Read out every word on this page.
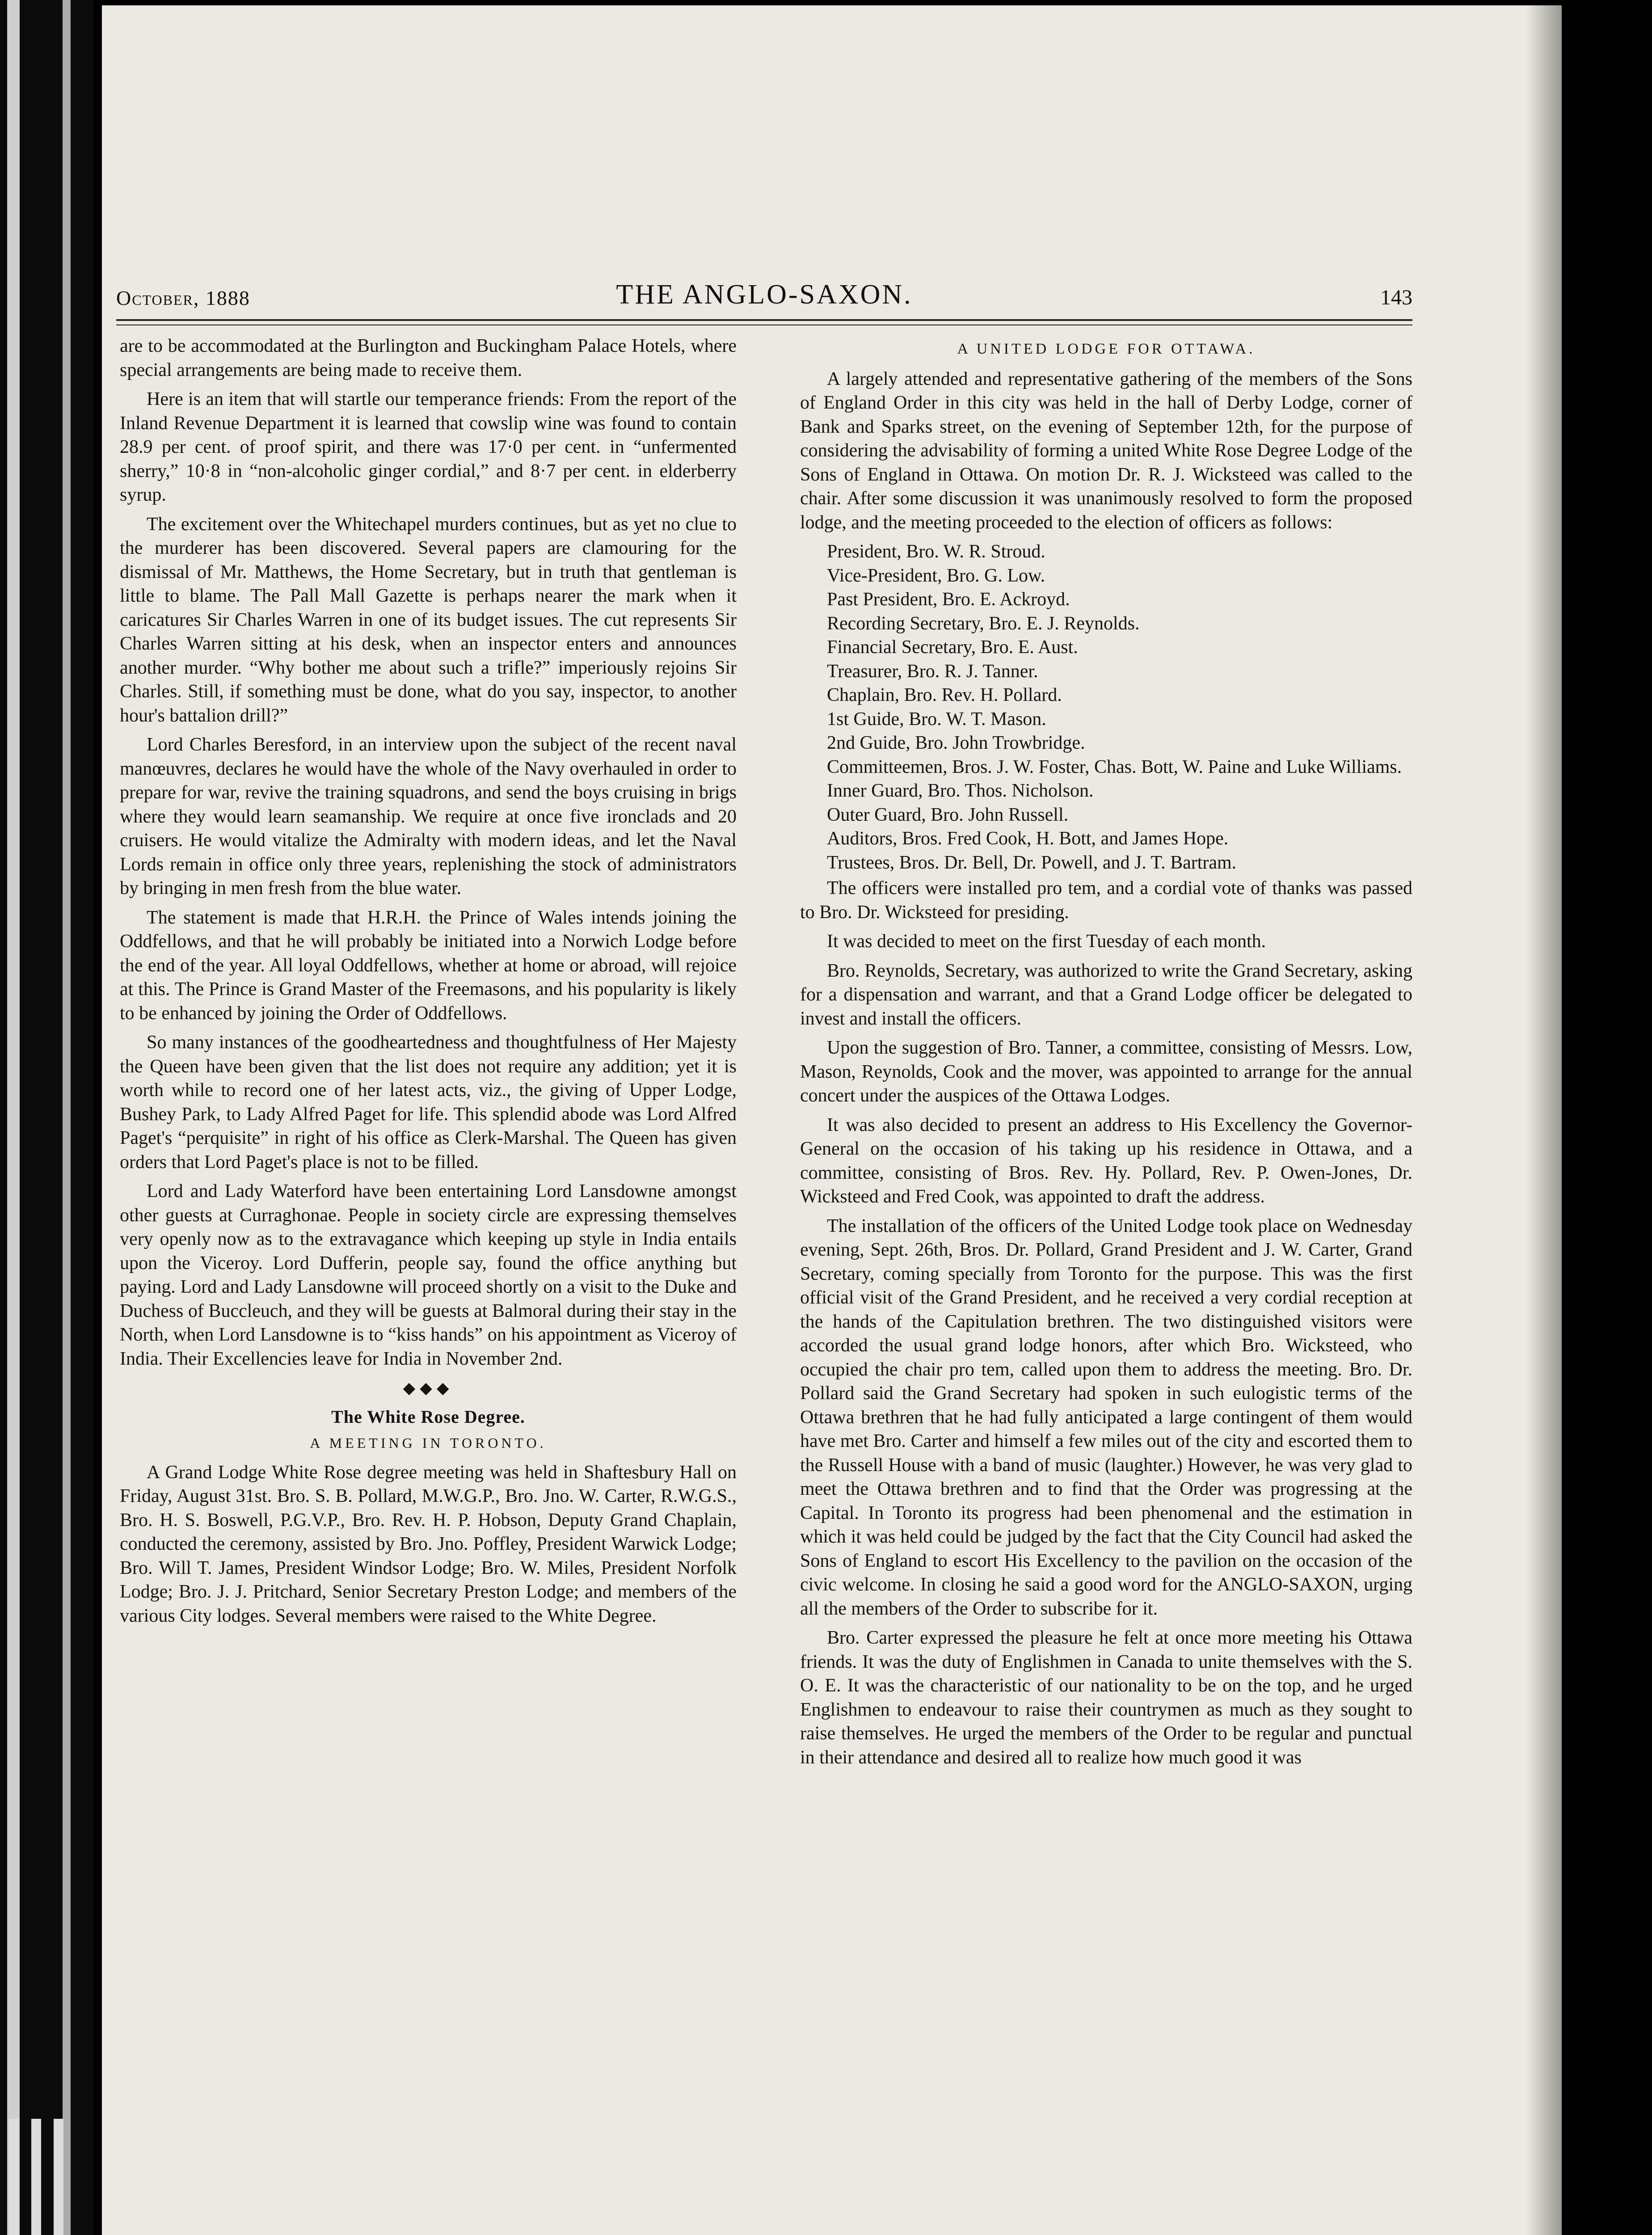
October, 1888	THE ANGLO-SAXON.	143

are to be accommodated at the Burlington and Buckingham Palace Hotels, where special arrangements are being made to receive them.

Here is an item that will startle our temperance friends: From the report of the Inland Revenue Department it is learned that cowslip wine was found to contain 28.9 per cent. of proof spirit, and there was 17·0 per cent. in “unfermented sherry,” 10·8 in “non-alcoholic ginger cordial,” and 8·7 per cent. in elderberry syrup.

The excitement over the Whitechapel murders continues, but as yet no clue to the murderer has been discovered. Several papers are clamouring for the dismissal of Mr. Matthews, the Home Secretary, but in truth that gentleman is little to blame. The Pall Mall Gazette is perhaps nearer the mark when it caricatures Sir Charles Warren in one of its budget issues. The cut represents Sir Charles Warren sitting at his desk, when an inspector enters and announces another murder. “Why bother me about such a trifle?” imperiously rejoins Sir Charles. Still, if something must be done, what do you say, inspector, to another hour's battalion drill?”

Lord Charles Beresford, in an interview upon the subject of the recent naval manœuvres, declares he would have the whole of the Navy overhauled in order to prepare for war, revive the training squadrons, and send the boys cruising in brigs where they would learn seamanship. We require at once five ironclads and 20 cruisers. He would vitalize the Admiralty with modern ideas, and let the Naval Lords remain in office only three years, replenishing the stock of administrators by bringing in men fresh from the blue water.

The statement is made that H.R.H. the Prince of Wales intends joining the Oddfellows, and that he will probably be initiated into a Norwich Lodge before the end of the year. All loyal Oddfellows, whether at home or abroad, will rejoice at this. The Prince is Grand Master of the Freemasons, and his popularity is likely to be enhanced by joining the Order of Oddfellows.

So many instances of the goodheartedness and thoughtfulness of Her Majesty the Queen have been given that the list does not require any addition; yet it is worth while to record one of her latest acts, viz., the giving of Upper Lodge, Bushey Park, to Lady Alfred Paget for life. This splendid abode was Lord Alfred Paget's “perquisite” in right of his office as Clerk-Marshal. The Queen has given orders that Lord Paget's place is not to be filled.

Lord and Lady Waterford have been entertaining Lord Lansdowne amongst other guests at Curraghonae. People in society circle are expressing themselves very openly now as to the extravagance which keeping up style in India entails upon the Viceroy. Lord Dufferin, people say, found the office anything but paying. Lord and Lady Lansdowne will proceed shortly on a visit to the Duke and Duchess of Buccleuch, and they will be guests at Balmoral during their stay in the North, when Lord Lansdowne is to “kiss hands” on his appointment as Viceroy of India. Their Excellencies leave for India in November 2nd.

◆◆◆
The White Rose Degree.
A MEETING IN TORONTO.

A Grand Lodge White Rose degree meeting was held in Shaftesbury Hall on Friday, August 31st. Bro. S. B. Pollard, M.W.G.P., Bro. Jno. W. Carter, R.W.G.S., Bro. H. S. Boswell, P.G.V.P., Bro. Rev. H. P. Hobson, Deputy Grand Chaplain, conducted the ceremony, assisted by Bro. Jno. Poffley, President Warwick Lodge; Bro. Will T. James, President Windsor Lodge; Bro. W. Miles, President Norfolk Lodge; Bro. J. J. Pritchard, Senior Secretary Preston Lodge; and members of the various City lodges. Several members were raised to the White Degree.

A UNITED LODGE FOR OTTAWA.

A largely attended and representative gathering of the members of the Sons of England Order in this city was held in the hall of Derby Lodge, corner of Bank and Sparks street, on the evening of September 12th, for the purpose of considering the advisability of forming a united White Rose Degree Lodge of the Sons of England in Ottawa. On motion Dr. R. J. Wicksteed was called to the chair. After some discussion it was unanimously resolved to form the proposed lodge, and the meeting proceeded to the election of officers as follows:

President, Bro. W. R. Stroud.

Vice-President, Bro. G. Low.

Past President, Bro. E. Ackroyd.

Recording Secretary, Bro. E. J. Reynolds.

Financial Secretary, Bro. E. Aust.

Treasurer, Bro. R. J. Tanner.

Chaplain, Bro. Rev. H. Pollard.

1st Guide, Bro. W. T. Mason.

2nd Guide, Bro. John Trowbridge.

Committeemen, Bros. J. W. Foster, Chas. Bott, W. Paine and Luke Williams.

Inner Guard, Bro. Thos. Nicholson.

Outer Guard, Bro. John Russell.

Auditors, Bros. Fred Cook, H. Bott, and James Hope.

Trustees, Bros. Dr. Bell, Dr. Powell, and J. T. Bartram.

The officers were installed pro tem, and a cordial vote of thanks was passed to Bro. Dr. Wicksteed for presiding.

It was decided to meet on the first Tuesday of each month.

Bro. Reynolds, Secretary, was authorized to write the Grand Secretary, asking for a dispensation and warrant, and that a Grand Lodge officer be delegated to invest and install the officers.

Upon the suggestion of Bro. Tanner, a committee, consisting of Messrs. Low, Mason, Reynolds, Cook and the mover, was appointed to arrange for the annual concert under the auspices of the Ottawa Lodges.

It was also decided to present an address to His Excellency the Governor-General on the occasion of his taking up his residence in Ottawa, and a committee, consisting of Bros. Rev. Hy. Pollard, Rev. P. Owen-Jones, Dr. Wicksteed and Fred Cook, was appointed to draft the address.

The installation of the officers of the United Lodge took place on Wednesday evening, Sept. 26th, Bros. Dr. Pollard, Grand President and J. W. Carter, Grand Secretary, coming specially from Toronto for the purpose. This was the first official visit of the Grand President, and he received a very cordial reception at the hands of the Capitulation brethren. The two distinguished visitors were accorded the usual grand lodge honors, after which Bro. Wicksteed, who occupied the chair pro tem, called upon them to address the meeting. Bro. Dr. Pollard said the Grand Secretary had spoken in such eulogistic terms of the Ottawa brethren that he had fully anticipated a large contingent of them would have met Bro. Carter and himself a few miles out of the city and escorted them to the Russell House with a band of music (laughter.) However, he was very glad to meet the Ottawa brethren and to find that the Order was progressing at the Capital. In Toronto its progress had been phenomenal and the estimation in which it was held could be judged by the fact that the City Council had asked the Sons of England to escort His Excellency to the pavilion on the occasion of the civic welcome. In closing he said a good word for the ANGLO-SAXON, urging all the members of the Order to subscribe for it.

Bro. Carter expressed the pleasure he felt at once more meeting his Ottawa friends. It was the duty of Englishmen in Canada to unite themselves with the S. O. E. It was the characteristic of our nationality to be on the top, and he urged Englishmen to endeavour to raise their countrymen as much as they sought to raise themselves. He urged the members of the Order to be regular and punctual in their attendance and desired all to realize how much good it was
